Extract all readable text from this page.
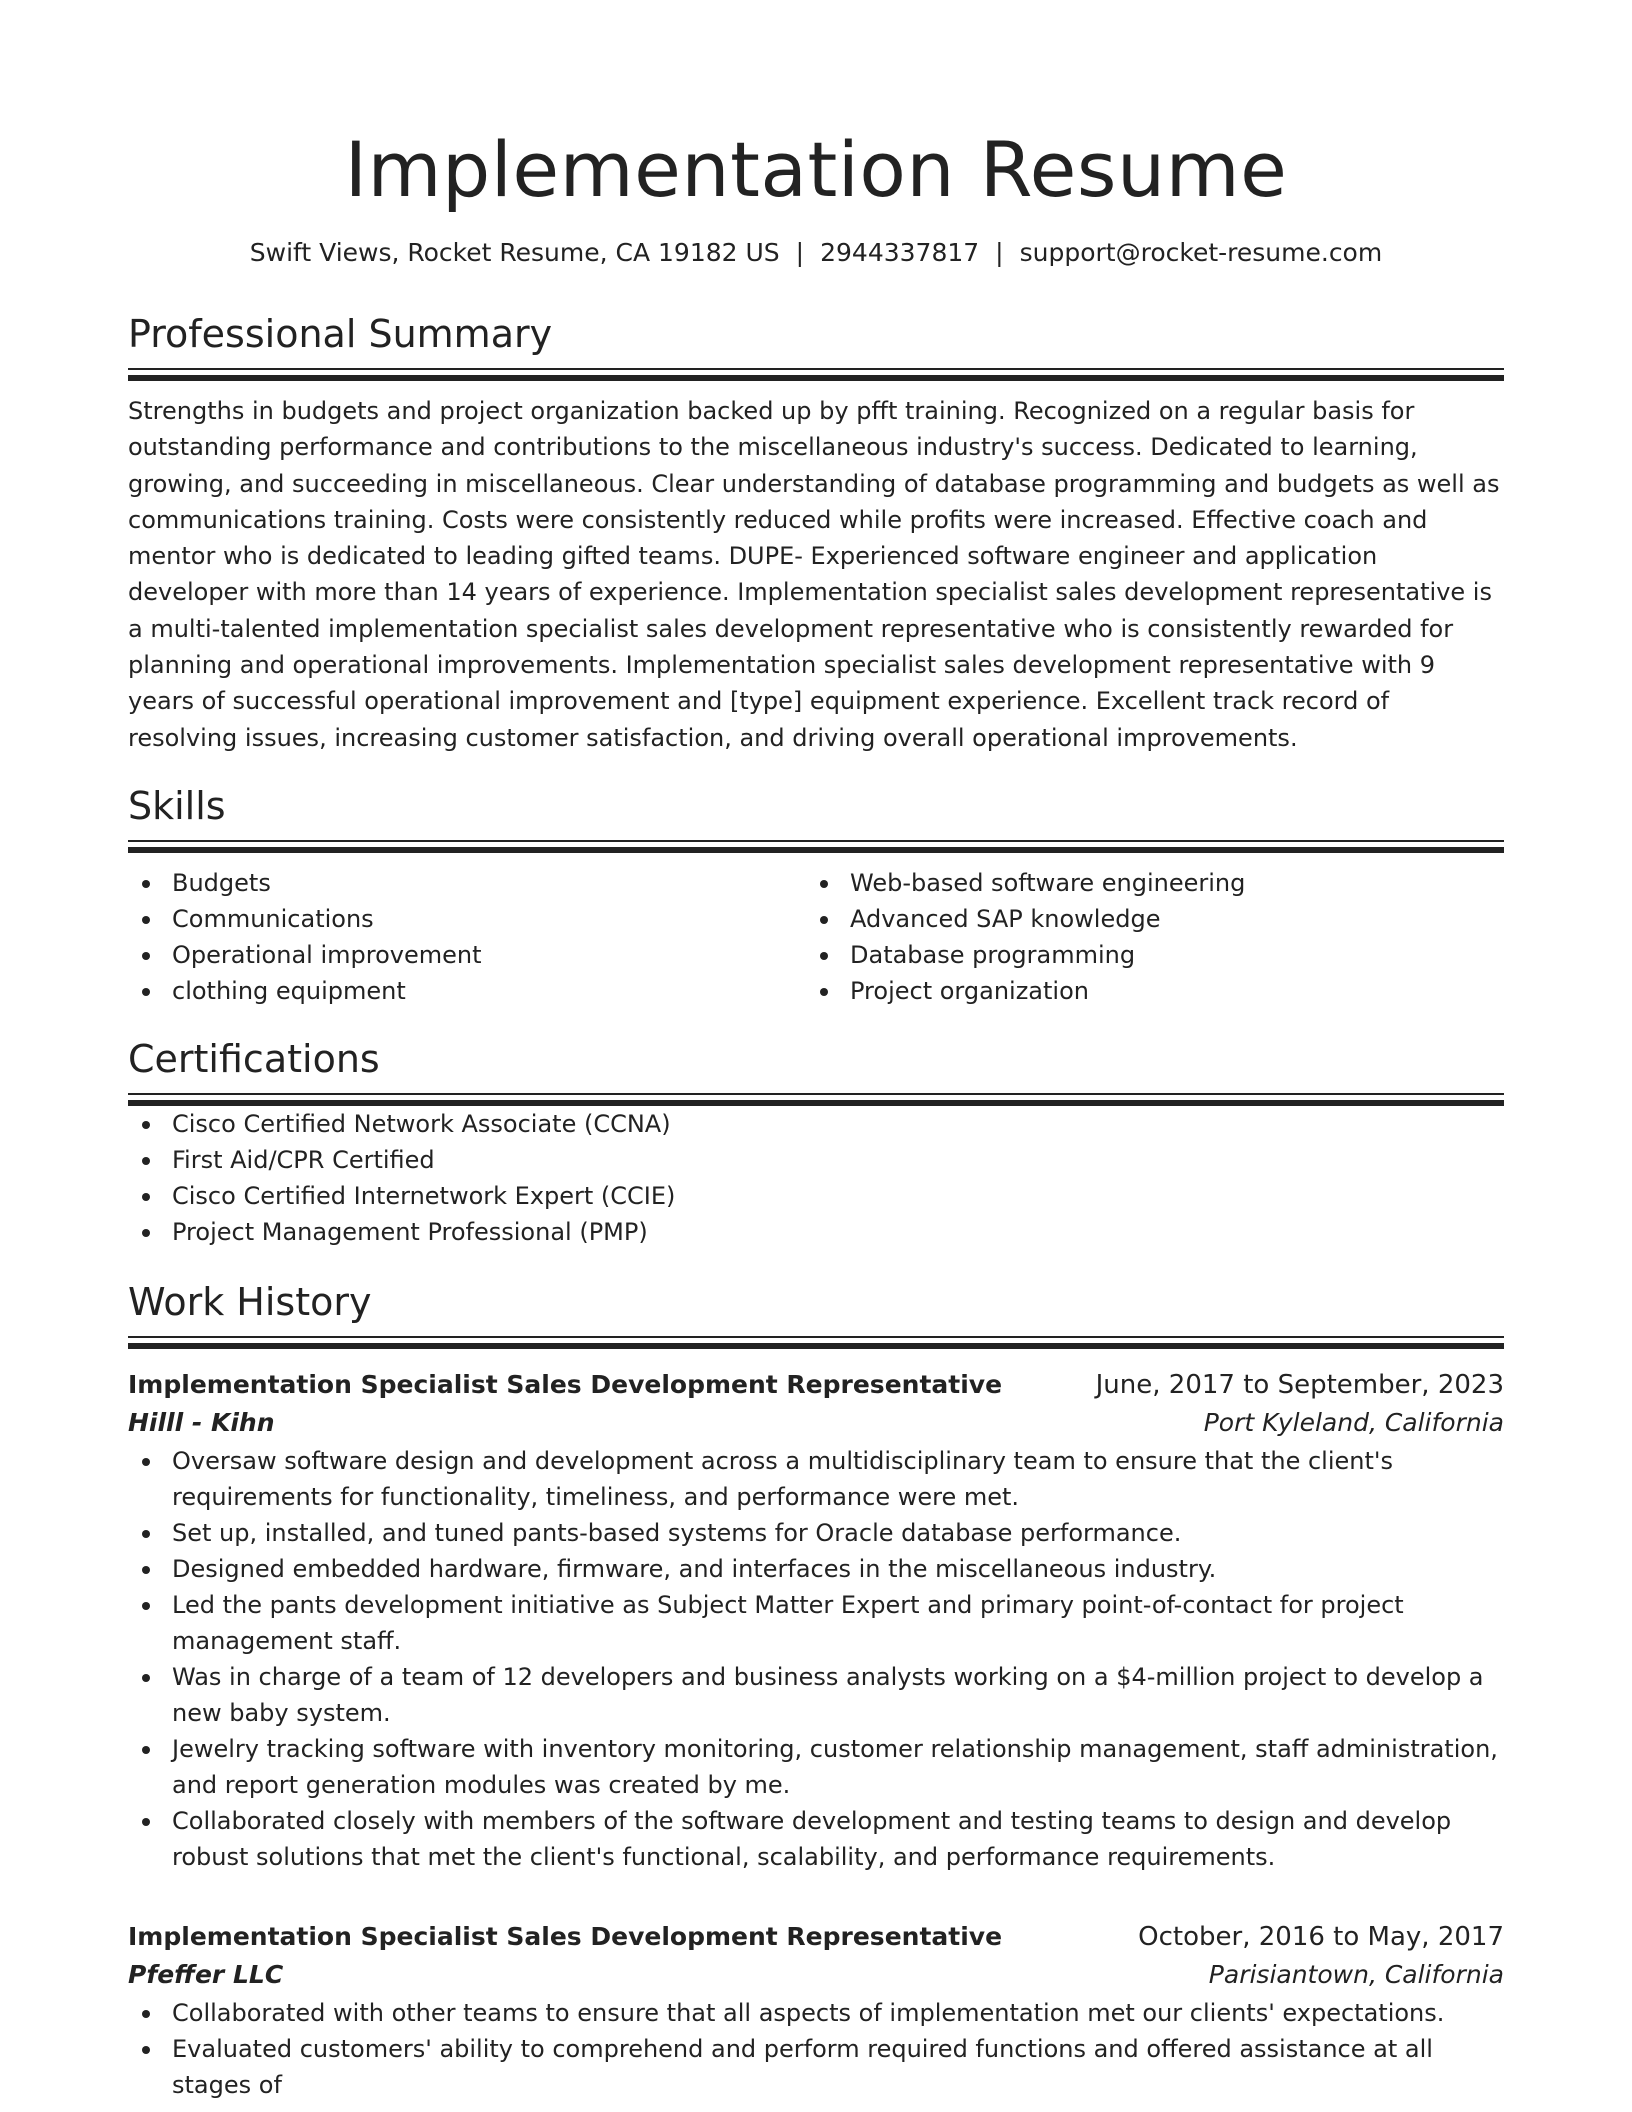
Implementation Resume
Swift Views, Rocket Resume, CA 19182 US | 2944337817 | support@rocket-resume.com
Professional Summary

Strengths in budgets and project organization backed up by pfft training. Recognized on a regular basis for outstanding performance and contributions to the miscellaneous industry's success. Dedicated to learning, growing, and succeeding in miscellaneous. Clear understanding of database programming and budgets as well as communications training. Costs were consistently reduced while profits were increased. Effective coach and mentor who is dedicated to leading gifted teams. DUPE- Experienced software engineer and application developer with more than 14 years of experience. Implementation specialist sales development representative is a multi-talented implementation specialist sales development representative who is consistently rewarded for planning and operational improvements. Implementation specialist sales development representative with 9 years of successful operational improvement and [type] equipment experience. Excellent track record of resolving issues, increasing customer satisfaction, and driving overall operational improvements.

Skills
Budgets
Communications
Operational improvement
clothing equipment
Web-based software engineering
Advanced SAP knowledge
Database programming
Project organization
Certifications
Cisco Certified Network Associate (CCNA)
First Aid/CPR Certified
Cisco Certified Internetwork Expert (CCIE)
Project Management Professional (PMP)
Work History
Implementation Specialist Sales Development Representative	June, 2017 to September, 2023
Hilll - Kihn	Port Kyleland, California
Oversaw software design and development across a multidisciplinary team to ensure that the client's requirements for functionality, timeliness, and performance were met.
Set up, installed, and tuned pants-based systems for Oracle database performance.
Designed embedded hardware, firmware, and interfaces in the miscellaneous industry.
Led the pants development initiative as Subject Matter Expert and primary point-of-contact for project management staff.
Was in charge of a team of 12 developers and business analysts working on a $4-million project to develop a new baby system.
Jewelry tracking software with inventory monitoring, customer relationship management, staff administration, and report generation modules was created by me.
Collaborated closely with members of the software development and testing teams to design and develop robust solutions that met the client's functional, scalability, and performance requirements.
Implementation Specialist Sales Development Representative	October, 2016 to May, 2017
Pfeffer LLC	Parisiantown, California
Collaborated with other teams to ensure that all aspects of implementation met our clients' expectations.
Evaluated customers' ability to comprehend and perform required functions and offered assistance at all stages of
